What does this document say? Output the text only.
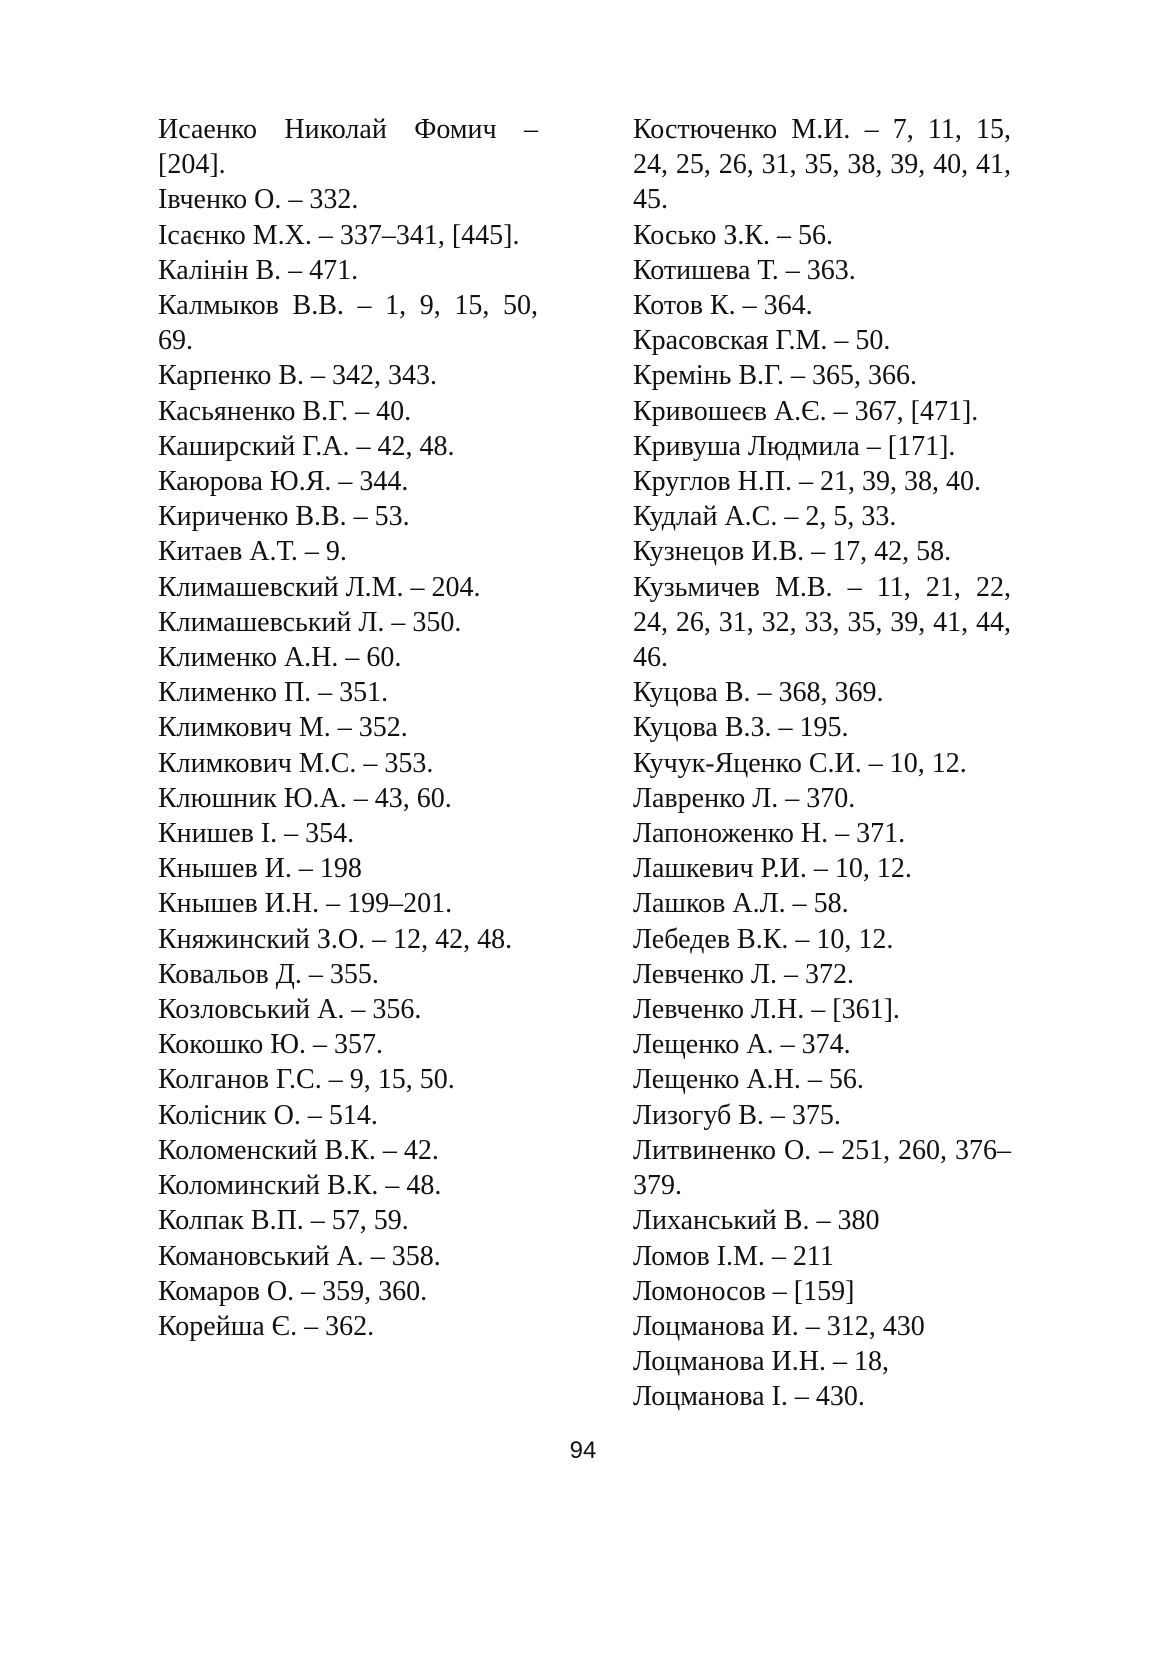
Исаенко Николай Фомич – [204].

Івченко О. – 332.

Ісаєнко М.Х. – 337–341, [445].

Калінін В. – 471.

Калмыков В.В. – 1, 9, 15, 50, 69.

Карпенко В. – 342, 343.

Касьяненко В.Г. – 40.

Каширский Г.А. – 42, 48.

Каюрова Ю.Я. – 344.

Кириченко В.В. – 53.

Китаев А.Т. – 9.

Климашевский Л.М. – 204.

Климашевський Л. – 350.

Клименко А.Н. – 60.

Клименко П. – 351.

Климкович М. – 352.

Климкович М.С. – 353.

Клюшник Ю.А. – 43, 60.

Книшев І. – 354.

Кнышев И. – 198

Кнышев И.Н. – 199–201.

Княжинский З.О. – 12, 42, 48.

Ковальов Д. – 355.

Козловський А. – 356.

Кокошко Ю. – 357.

Колганов Г.С. – 9, 15, 50.

Колісник О. – 514.

Коломенский В.К. – 42.

Коломинский В.К. – 48.

Колпак В.П. – 57, 59.

Комановський А. – 358.

Комаров О. – 359, 360.

Корейша Є. – 362.

Костюченко М.И. – 7, 11, 15, 24, 25, 26, 31, 35, 38, 39, 40, 41, 45.

Косько З.К. – 56.

Котишева Т. – 363.

Котов К. – 364.

Красовская Г.М. – 50.

Кремінь В.Г. – 365, 366.

Кривошеєв А.Є. – 367, [471].

Кривуша Людмила – [171].

Круглов Н.П. – 21, 39, 38, 40.

Кудлай А.С. – 2, 5, 33.

Кузнецов И.В. – 17, 42, 58.

Кузьмичев М.В. – 11, 21, 22, 24, 26, 31, 32, 33, 35, 39, 41, 44, 46.

Куцова В. – 368, 369.

Куцова В.З. – 195.

Кучук-Яценко С.И. – 10, 12.

Лавренко Л. – 370.

Лапоноженко Н. – 371.

Лашкевич Р.И. – 10, 12.

Лашков А.Л. – 58.

Лебедев В.К. – 10, 12.

Левченко Л. – 372.

Левченко Л.Н. – [361].

Лещенко А. – 374.

Лещенко А.Н. – 56.

Лизогуб В. – 375.

Литвиненко О. – 251, 260, 376–379.

Лиханський В. – 380

Ломов І.М. – 211

Ломоносов – [159]

Лоцманова И. – 312, 430

Лоцманова И.Н. – 18,

Лоцманова І. – 430.

94
